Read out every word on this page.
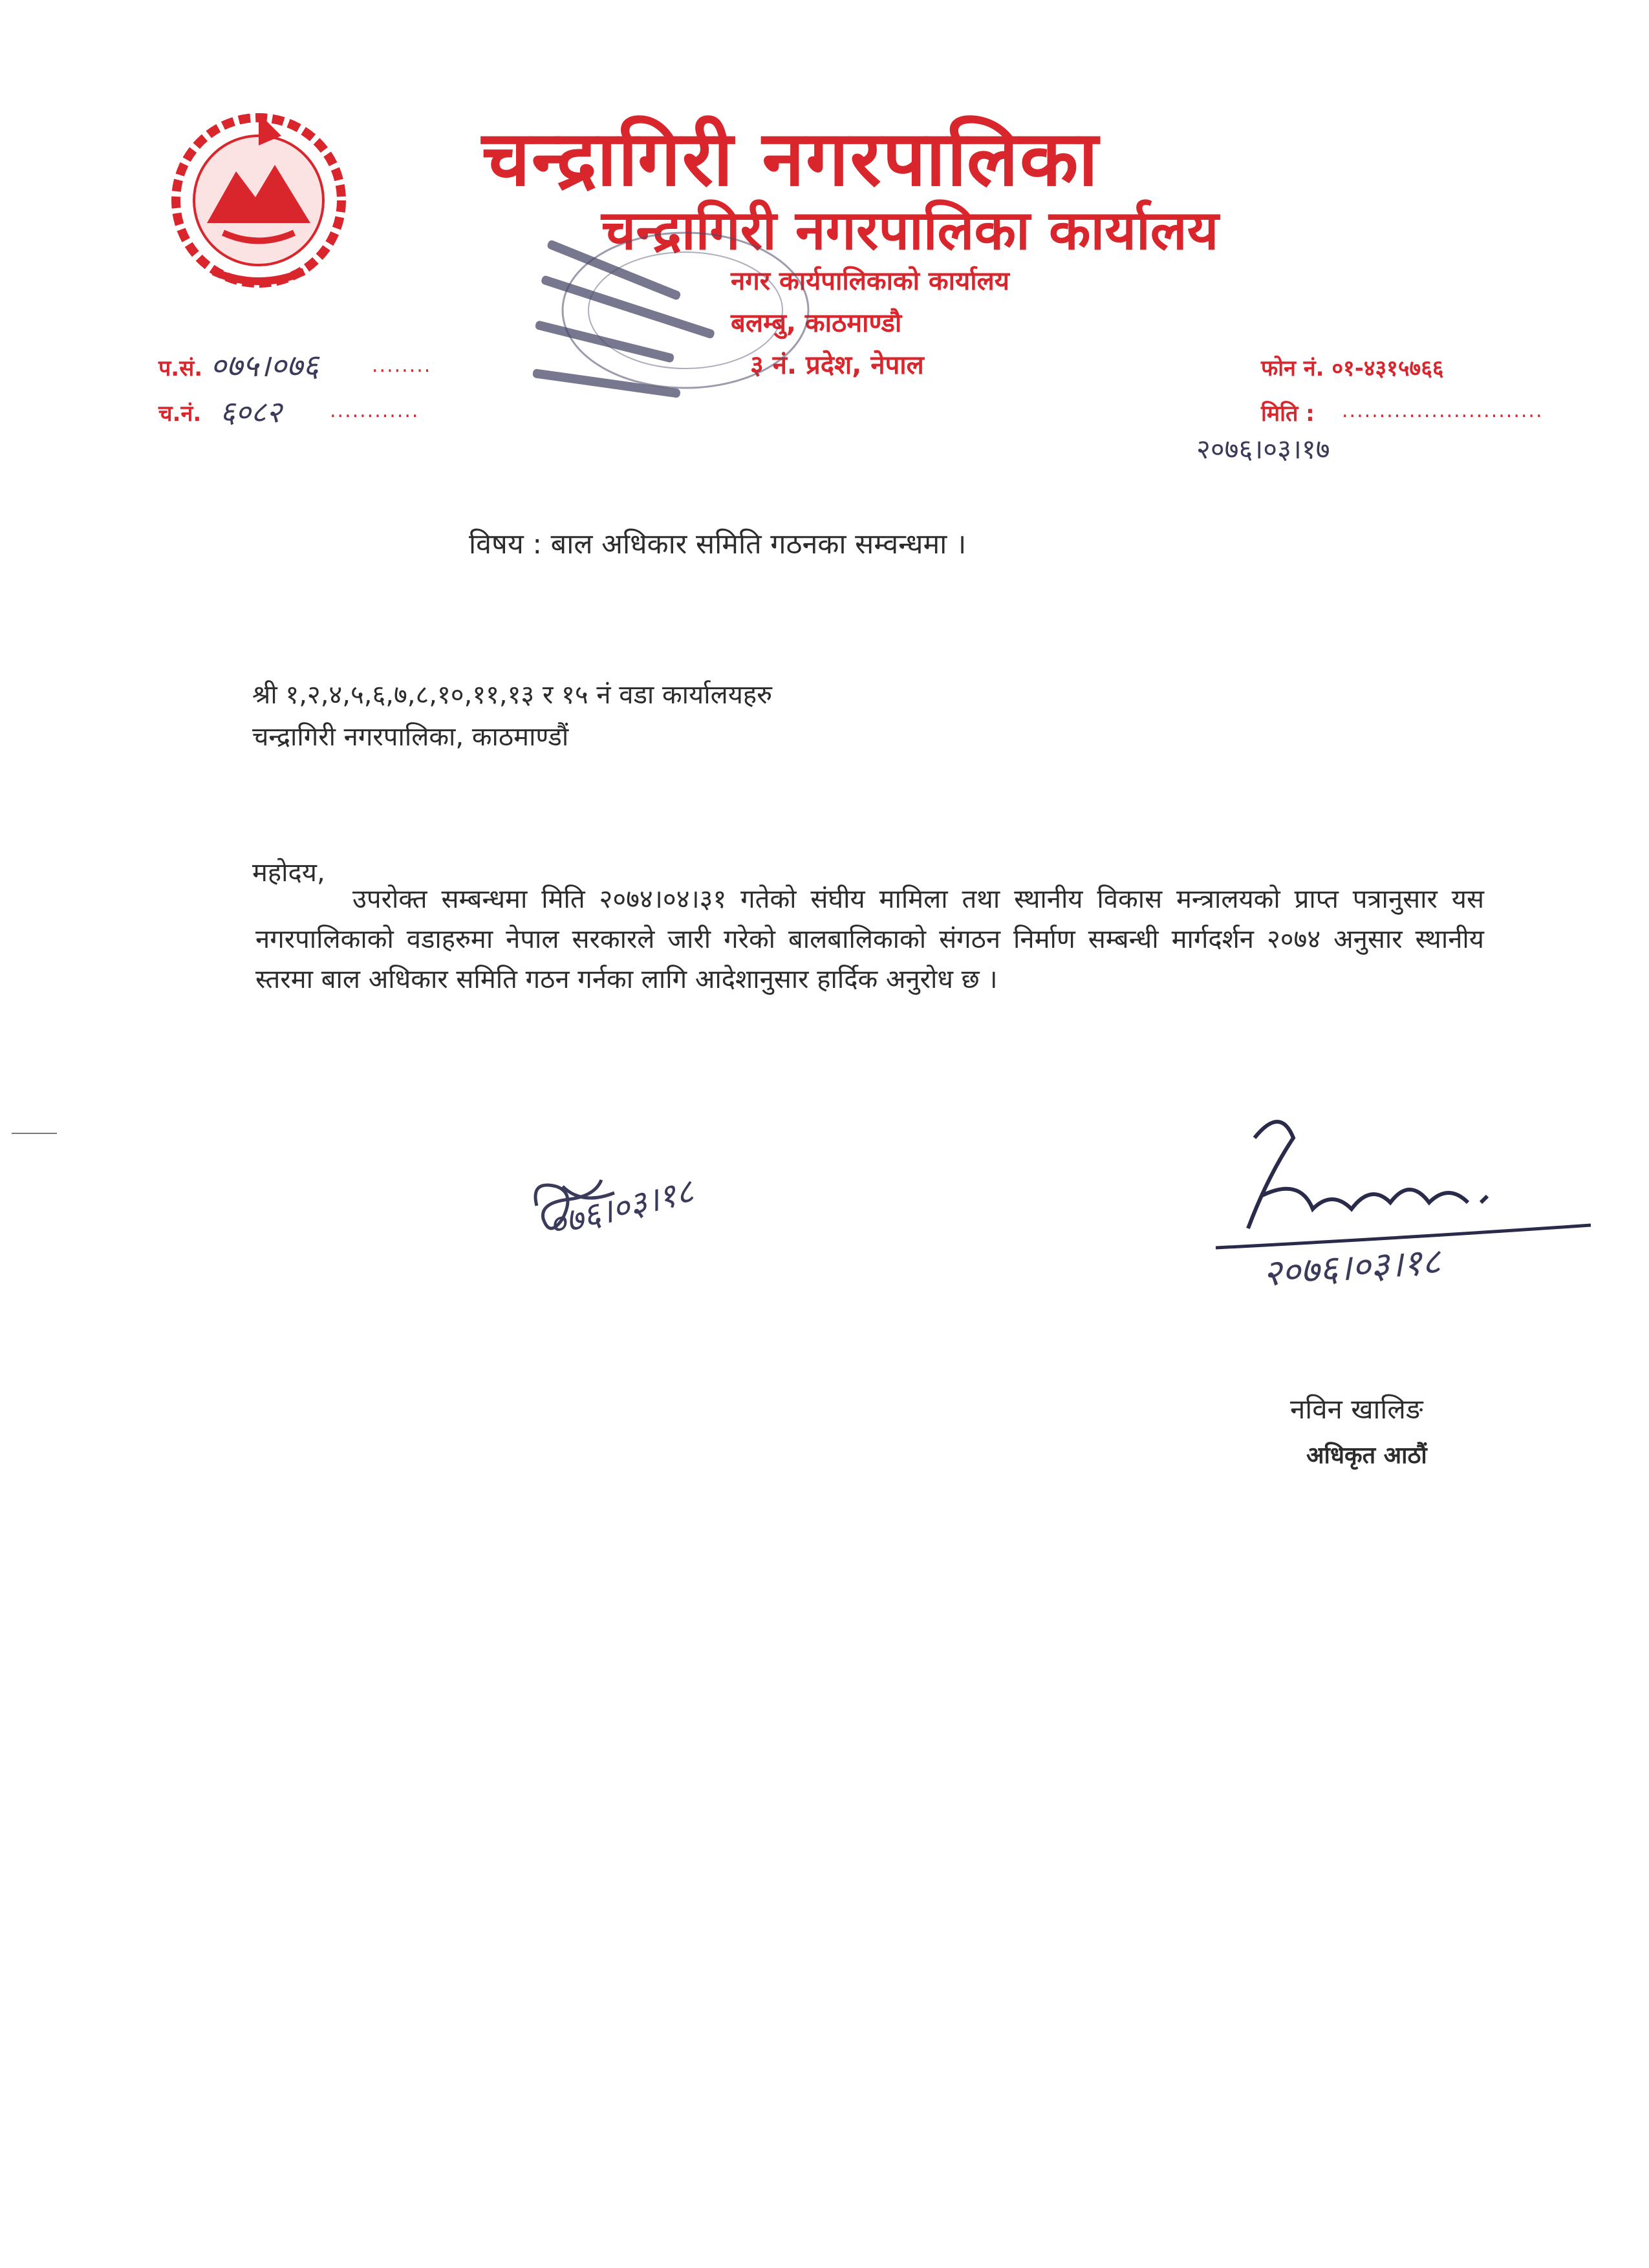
चन्द्रागिरी नगरपालिका
चन्द्रागिरी नगरपालिका कार्यालय
नगर कार्यपालिकाको कार्यालय
बलम्बु, काठमाण्डौ
३ नं. प्रदेश, नेपाल
प.सं. ०७५।०७६	........
च.नं. ६०८२ ............
फोन नं. ०१-४३१५७६६
मिति : ...........................
२०७६।०३।१७
विषय : बाल अधिकार समिति गठनका सम्वन्धमा ।
श्री १,२,४,५,६,७,८,१०,११,१३ र १५ नं वडा कार्यालयहरु
चन्द्रागिरी नगरपालिका, काठमाण्डौं
महोदय,
उपरोक्त सम्बन्धमा मिति २०७४।०४।३१ गतेको संघीय मामिला तथा स्थानीय विकास मन्त्रालयको प्राप्त पत्रानुसार यस नगरपालिकाको वडाहरुमा नेपाल सरकारले जारी गरेको बालबालिकाको संगठन निर्माण सम्बन्धी मार्गदर्शन २०७४ अनुसार स्थानीय स्तरमा बाल अधिकार समिति गठन गर्नका लागि आदेशानुसार हार्दिक अनुरोध छ ।
०७६।०३।१८
२०७६।०३।१८
नविन खालिङ
अधिकृत आठौं
